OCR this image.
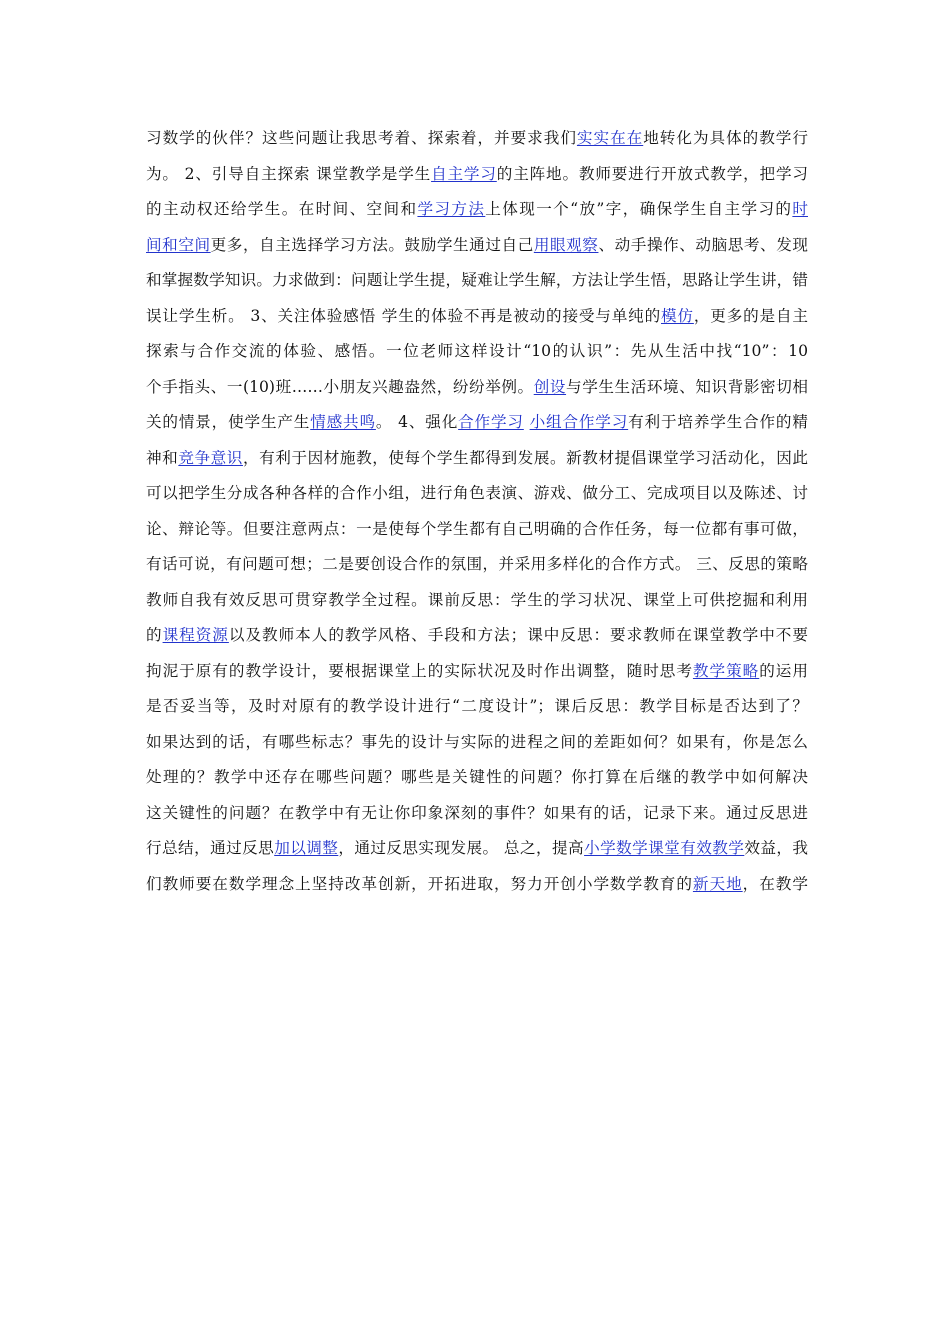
习数学的伙伴？这些问题让我思考着、探索着，并要求我们实实在在地转化为具体的教学行
为。 2、引导自主探索 课堂教学是学生自主学习的主阵地。教师要进行开放式教学，把学习
的主动权还给学生。在时间、空间和学习方法上体现一个“放”字，确保学生自主学习的时
间和空间更多，自主选择学习方法。鼓励学生通过自己用眼观察、动手操作、动脑思考、发现
和掌握数学知识。力求做到：问题让学生提，疑难让学生解，方法让学生悟，思路让学生讲，错
误让学生析。 3、关注体验感悟 学生的体验不再是被动的接受与单纯的模仿，更多的是自主
探索与合作交流的体验、感悟。一位老师这样设计“10的认识”：先从生活中找“10”：10
个手指头、一(10)班……小朋友兴趣盎然，纷纷举例。创设与学生生活环境、知识背影密切相
关的情景，使学生产生情感共鸣。 4、强化合作学习 小组合作学习有利于培养学生合作的精
神和竞争意识，有利于因材施教，使每个学生都得到发展。新教材提倡课堂学习活动化，因此
可以把学生分成各种各样的合作小组，进行角色表演、游戏、做分工、完成项目以及陈述、讨
论、辩论等。但要注意两点：一是使每个学生都有自己明确的合作任务，每一位都有事可做，
有话可说，有问题可想；二是要创设合作的氛围，并采用多样化的合作方式。 三、反思的策略
教师自我有效反思可贯穿教学全过程。课前反思：学生的学习状况、课堂上可供挖掘和利用
的课程资源以及教师本人的教学风格、手段和方法；课中反思：要求教师在课堂教学中不要
拘泥于原有的教学设计，要根据课堂上的实际状况及时作出调整，随时思考教学策略的运用
是否妥当等，及时对原有的教学设计进行“二度设计”；课后反思：教学目标是否达到了？
如果达到的话，有哪些标志？事先的设计与实际的进程之间的差距如何？如果有，你是怎么
处理的？教学中还存在哪些问题？哪些是关键性的问题？你打算在后继的教学中如何解决
这关键性的问题？在教学中有无让你印象深刻的事件？如果有的话，记录下来。通过反思进
行总结，通过反思加以调整，通过反思实现发展。 总之，提高小学数学课堂有效教学效益，我
们教师要在数学理念上坚持改革创新，开拓进取，努力开创小学数学教育的新天地，在教学
